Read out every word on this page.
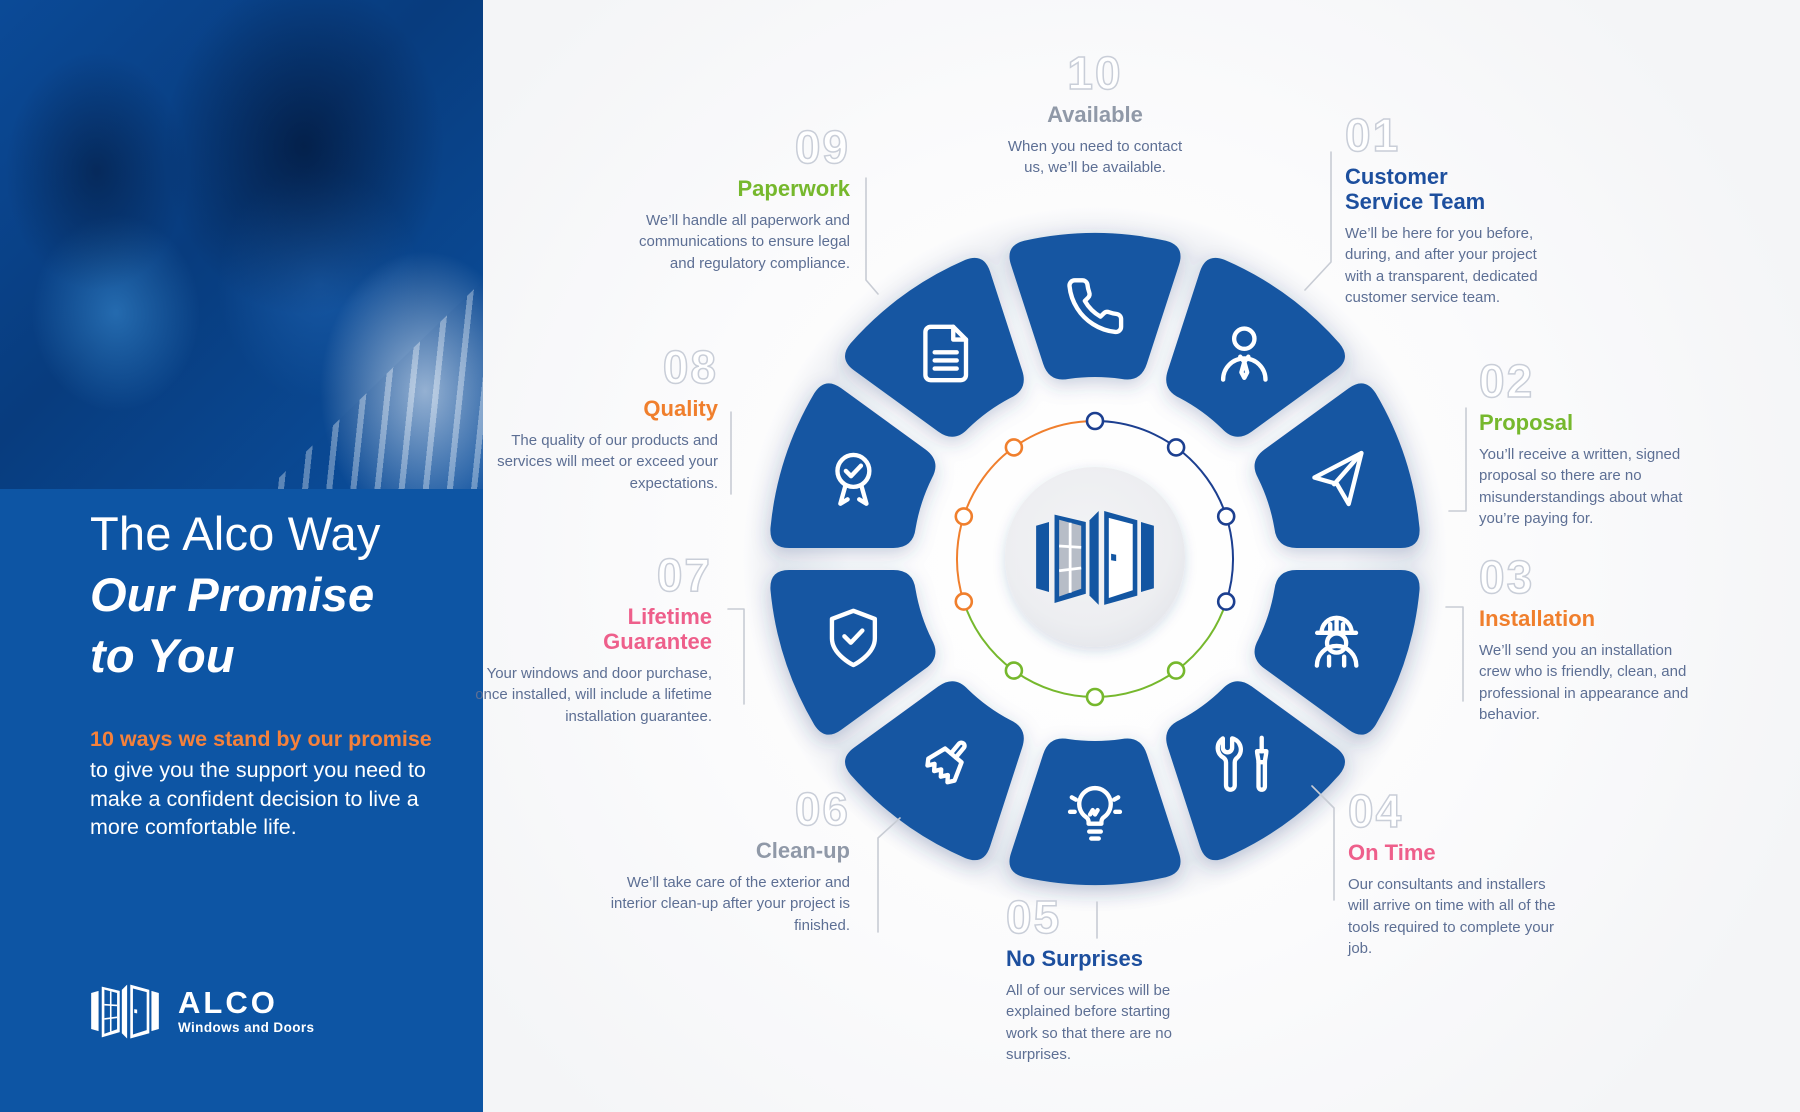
The Alco Way
Our Promise
to You

10 ways we stand by our promise

to give you the support you need to make a confident decision to live a more comfortable life.

ALCO
Windows and Doors
01
Customer Service Team
We’ll be here for you before, during, and after your project with a transparent, dedicated customer service team.
02
Proposal
You’ll receive a written, signed proposal so there are no misunderstandings about what you’re paying for.
03
Installation
We’ll send you an installation crew who is friendly, clean, and professional in appearance and behavior.
04
On Time
Our consultants and installers will arrive on time with all of the tools required to complete your job.
05
No Surprises
All of our services will be explained before starting work so that there are no surprises.
06
Clean-up
We’ll take care of the exterior and interior clean-up after your project is finished.
07
Lifetime Guarantee
Your windows and door purchase, once installed, will include a lifetime installation guarantee.
08
Quality
The quality of our products and services will meet or exceed your expectations.
09
Paperwork
We’ll handle all paperwork and communications to ensure legal and regulatory compliance.
10
Available
When you need to contact us, we’ll be available.
